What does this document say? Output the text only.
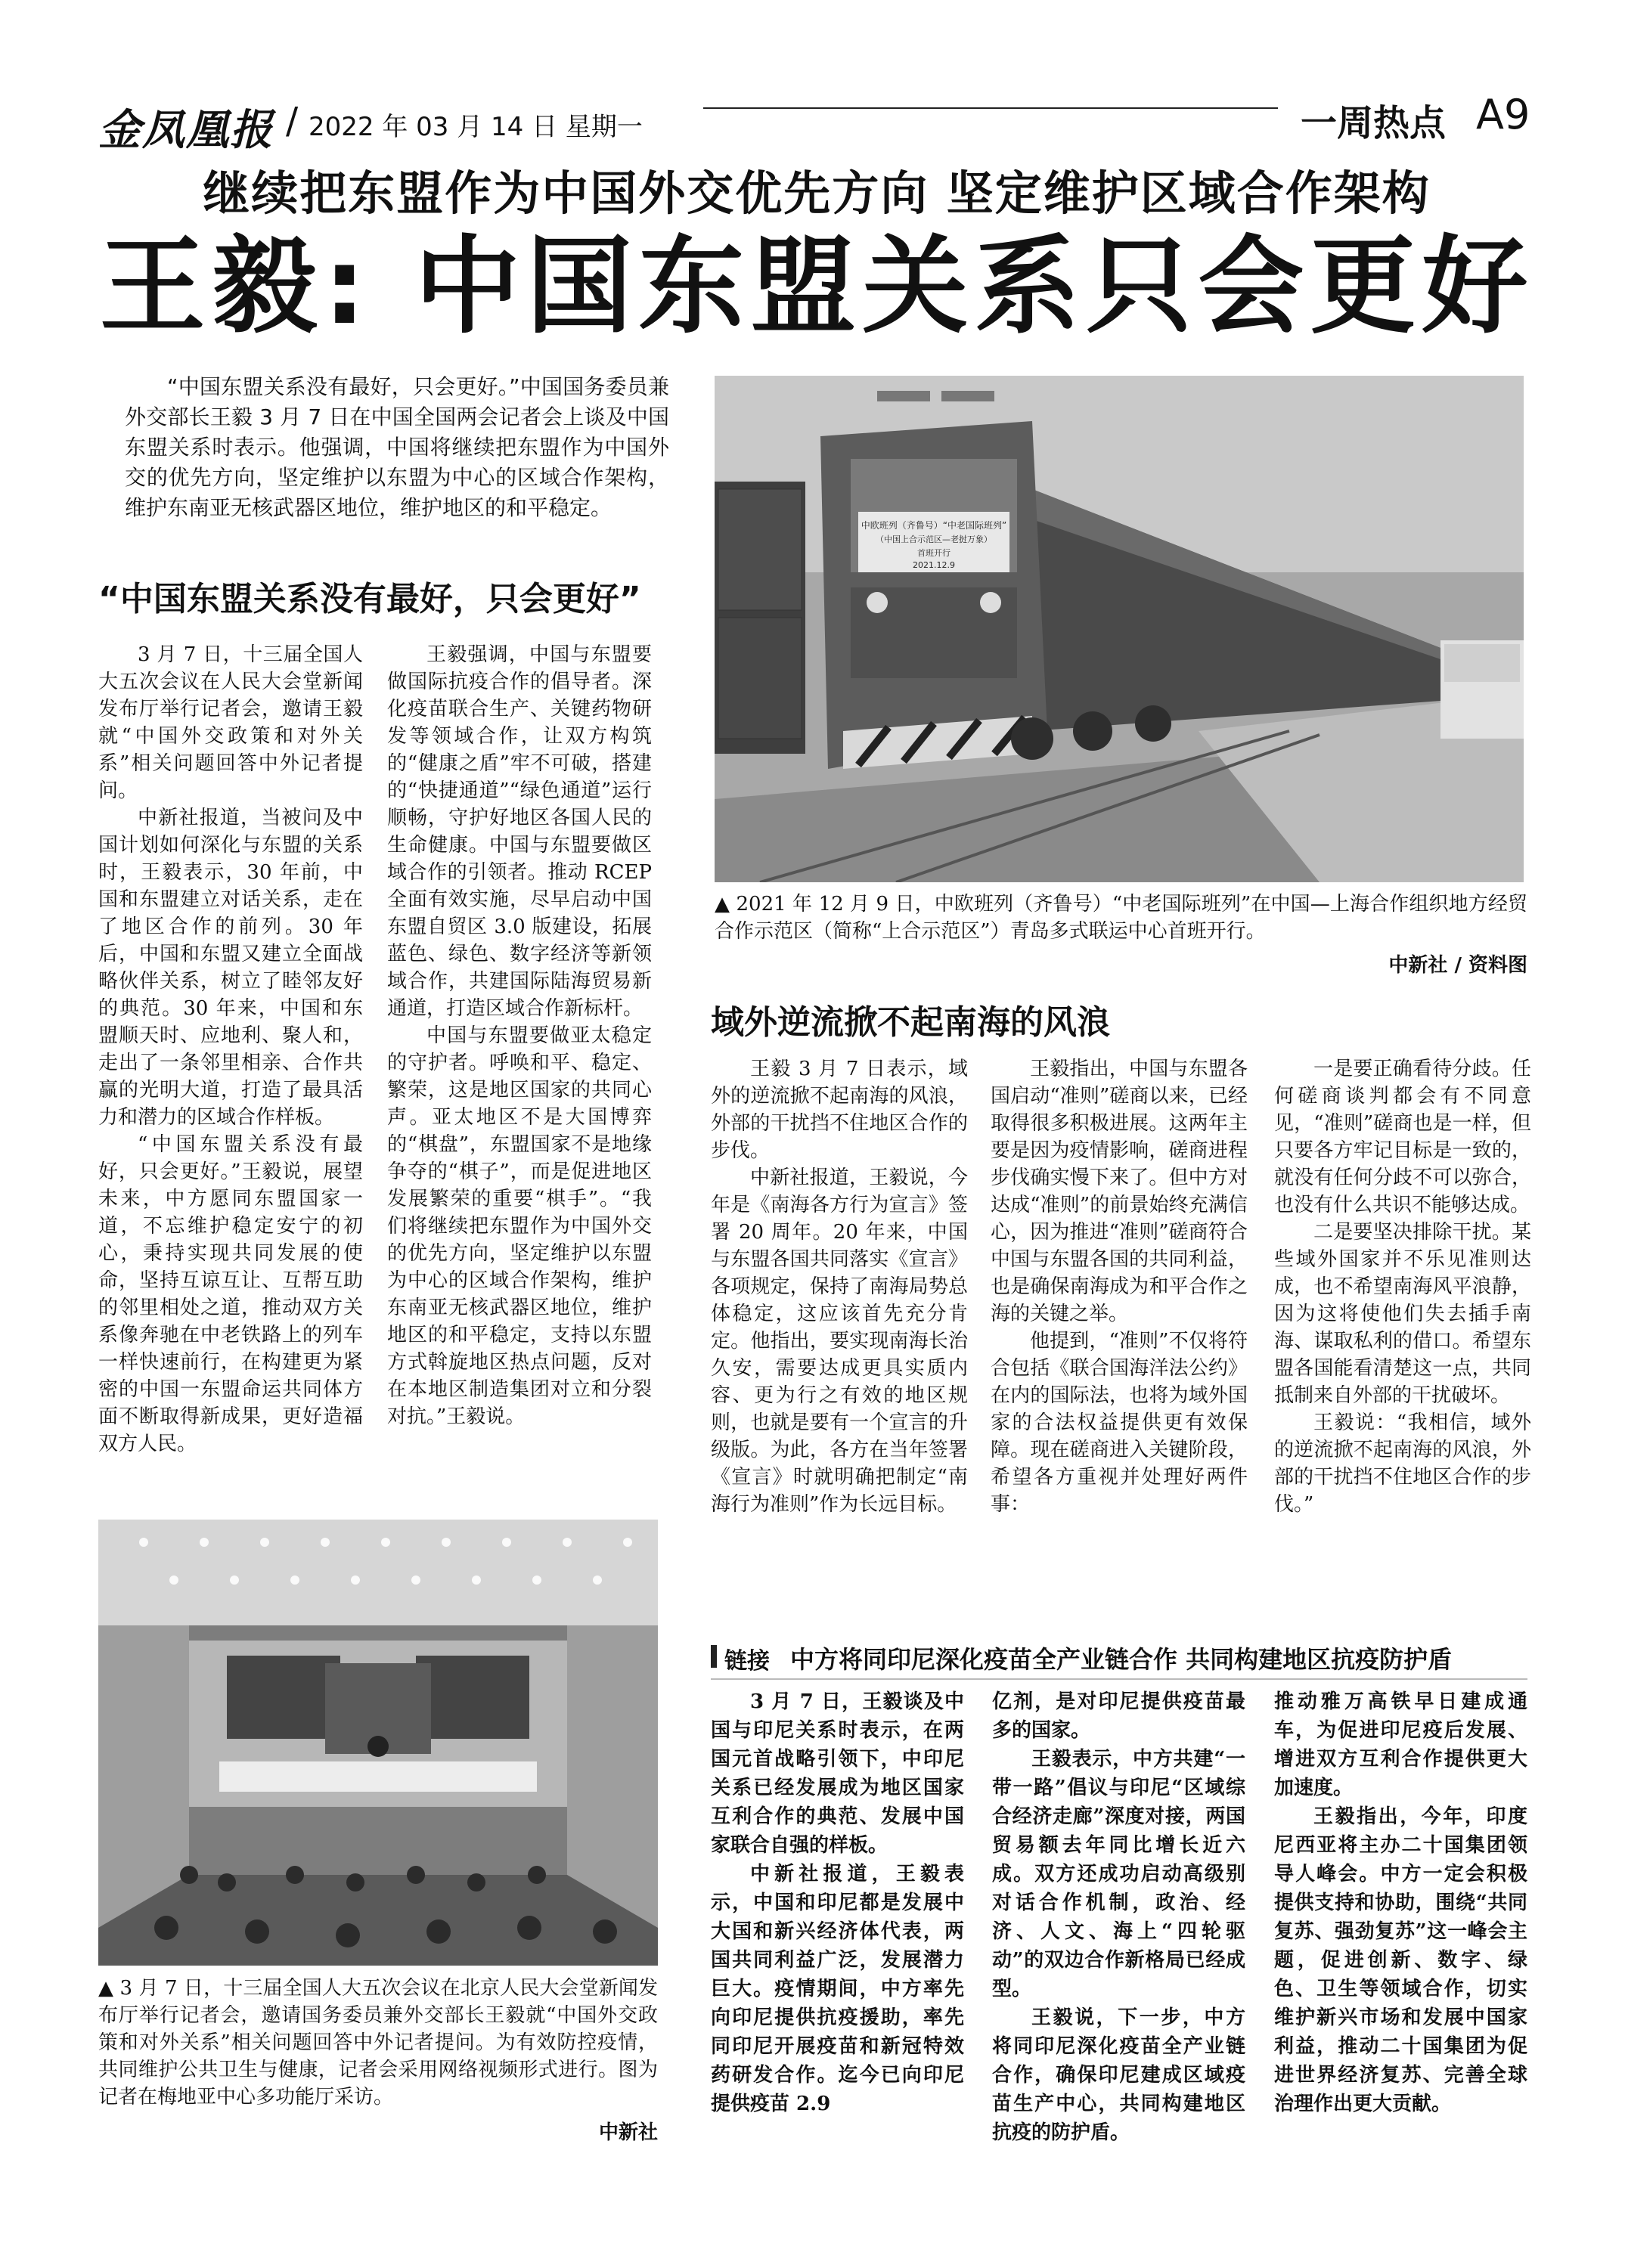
金凤凰报 / 2022 年 03 月 14 日 星期一	一周热点 A9
继续把东盟作为中国外交优先方向 坚定维护区域合作架构
王毅: 中国东盟关系只会更好

“中国东盟关系没有最好，只会更好。”中国国务委员兼外交部长王毅 3 月 7 日在中国全国两会记者会上谈及中国东盟关系时表示。他强调，中国将继续把东盟作为中国外交的优先方向，坚定维护以东盟为中心的区域合作架构，维护东南亚无核武器区地位，维护地区的和平稳定。

“中国东盟关系没有最好，只会更好”

3 月 7 日，十三届全国人大五次会议在人民大会堂新闻发布厅举行记者会，邀请王毅就“中国外交政策和对外关系”相关问题回答中外记者提问。

中新社报道，当被问及中国计划如何深化与东盟的关系时，王毅表示，30 年前，中国和东盟建立对话关系，走在了地区合作的前列。30 年后，中国和东盟又建立全面战略伙伴关系，树立了睦邻友好的典范。30 年来，中国和东盟顺天时、应地利、聚人和，走出了一条邻里相亲、合作共赢的光明大道，打造了最具活力和潜力的区域合作样板。

“中国东盟关系没有最好，只会更好。”王毅说，展望未来，中方愿同东盟国家一道，不忘维护稳定安宁的初心，秉持实现共同发展的使命，坚持互谅互让、互帮互助的邻里相处之道，推动双方关系像奔驰在中老铁路上的列车一样快速前行，在构建更为紧密的中国一东盟命运共同体方面不断取得新成果，更好造福双方人民。

王毅强调，中国与东盟要做国际抗疫合作的倡导者。深化疫苗联合生产、关键药物研发等领域合作，让双方构筑的“健康之盾”牢不可破，搭建的“快捷通道”“绿色通道”运行顺畅，守护好地区各国人民的生命健康。中国与东盟要做区域合作的引领者。推动 RCEP 全面有效实施，尽早启动中国东盟自贸区 3.0 版建设，拓展蓝色、绿色、数字经济等新领域合作，共建国际陆海贸易新通道，打造区域合作新标杆。

中国与东盟要做亚太稳定的守护者。呼唤和平、稳定、繁荣，这是地区国家的共同心声。亚太地区不是大国博弈的“棋盘”，东盟国家不是地缘争夺的“棋子”，而是促进地区发展繁荣的重要“棋手”。“我们将继续把东盟作为中国外交的优先方向，坚定维护以东盟为中心的区域合作架构，维护东南亚无核武器区地位，维护地区的和平稳定，支持以东盟方式斡旋地区热点问题，反对在本地区制造集团对立和分裂对抗。”王毅说。

中欧班列（齐鲁号）“中老国际班列”
（中国上合示范区—老挝万象）
首班开行
2021.12.9
▲ 2021 年 12 月 9 日，中欧班列（齐鲁号）“中老国际班列”在中国—上海合作组织地方经贸合作示范区（简称“上合示范区”）青岛多式联运中心首班开行。
中新社 / 资料图
域外逆流掀不起南海的风浪

王毅 3 月 7 日表示，域外的逆流掀不起南海的风浪，外部的干扰挡不住地区合作的步伐。

中新社报道，王毅说，今年是《南海各方行为宣言》签署 20 周年。20 年来，中国与东盟各国共同落实《宣言》各项规定，保持了南海局势总体稳定，这应该首先充分肯定。他指出，要实现南海长治久安，需要达成更具实质内容、更为行之有效的地区规则，也就是要有一个宣言的升级版。为此，各方在当年签署《宣言》时就明确把制定“南海行为准则”作为长远目标。

王毅指出，中国与东盟各国启动“准则”磋商以来，已经取得很多积极进展。这两年主要是因为疫情影响，磋商进程步伐确实慢下来了。但中方对达成“准则”的前景始终充满信心，因为推进“准则”磋商符合中国与东盟各国的共同利益，也是确保南海成为和平合作之海的关键之举。

他提到，“准则”不仅将符合包括《联合国海洋法公约》在内的国际法，也将为域外国家的合法权益提供更有效保障。现在磋商进入关键阶段，希望各方重视并处理好两件事：

一是要正确看待分歧。任何磋商谈判都会有不同意见，“准则”磋商也是一样，但只要各方牢记目标是一致的，就没有任何分歧不可以弥合，也没有什么共识不能够达成。

二是要坚决排除干扰。某些域外国家并不乐见准则达成，也不希望南海风平浪静，因为这将使他们失去插手南海、谋取私利的借口。希望东盟各国能看清楚这一点，共同抵制来自外部的干扰破坏。

王毅说：“我相信，域外的逆流掀不起南海的风浪，外部的干扰挡不住地区合作的步伐。”

▲ 3 月 7 日，十三届全国人大五次会议在北京人民大会堂新闻发布厅举行记者会，邀请国务委员兼外交部长王毅就“中国外交政策和对外关系”相关问题回答中外记者提问。为有效防控疫情，共同维护公共卫生与健康，记者会采用网络视频形式进行。图为记者在梅地亚中心多功能厅采访。
中新社
链接 中方将同印尼深化疫苗全产业链合作 共同构建地区抗疫防护盾

3 月 7 日，王毅谈及中国与印尼关系时表示，在两国元首战略引领下，中印尼关系已经发展成为地区国家互利合作的典范、发展中国家联合自强的样板。

中新社报道，王毅表示，中国和印尼都是发展中大国和新兴经济体代表，两国共同利益广泛，发展潜力巨大。疫情期间，中方率先向印尼提供抗疫援助，率先同印尼开展疫苗和新冠特效药研发合作。迄今已向印尼提供疫苗 2.9

亿剂，是对印尼提供疫苗最多的国家。

王毅表示，中方共建“一带一路”倡议与印尼“区域综合经济走廊”深度对接，两国贸易额去年同比增长近六成。双方还成功启动高级别对话合作机制，政治、经济、人文、海上“四轮驱动”的双边合作新格局已经成型。

王毅说，下一步，中方将同印尼深化疫苗全产业链合作，确保印尼建成区域疫苗生产中心，共同构建地区抗疫的防护盾。

推动雅万高铁早日建成通车，为促进印尼疫后发展、增进双方互利合作提供更大加速度。

王毅指出，今年，印度尼西亚将主办二十国集团领导人峰会。中方一定会积极提供支持和协助，围绕“共同复苏、强劲复苏”这一峰会主题，促进创新、数字、绿色、卫生等领域合作，切实维护新兴市场和发展中国家利益，推动二十国集团为促进世界经济复苏、完善全球治理作出更大贡献。
